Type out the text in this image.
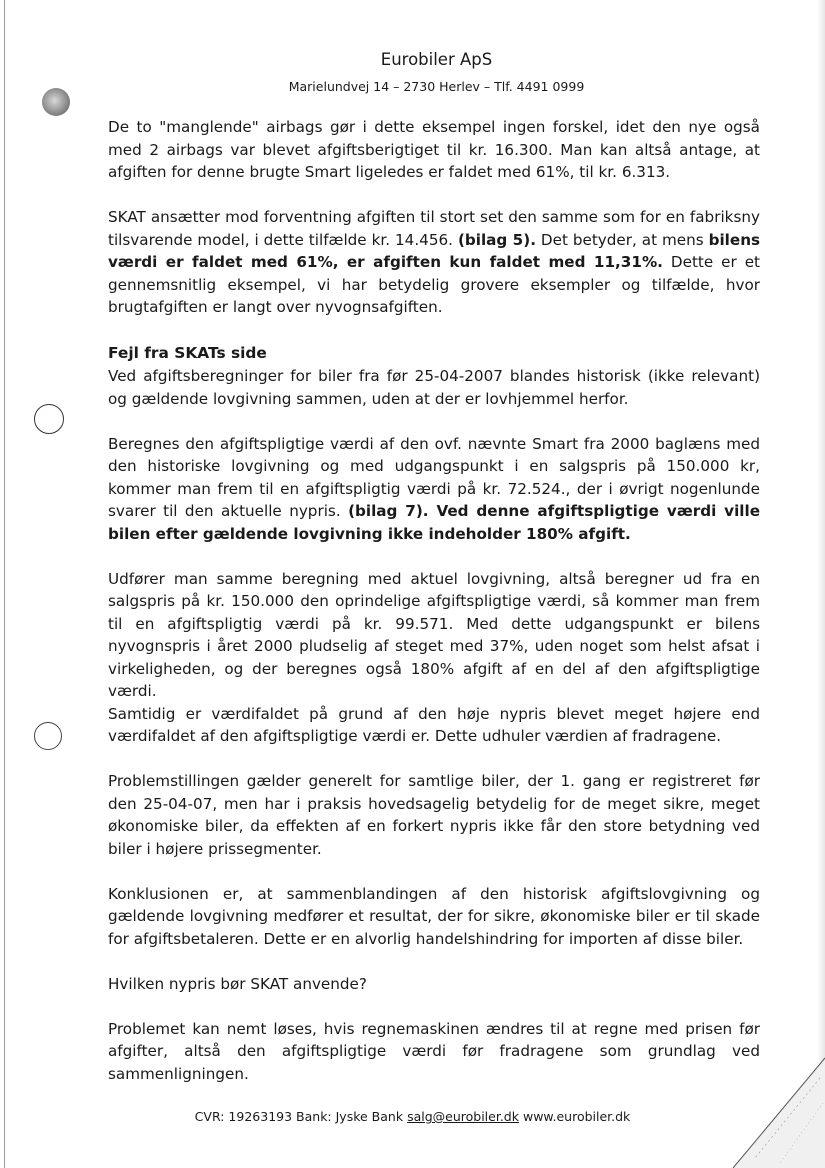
Eurobiler ApS
Marielundvej 14 – 2730 Herlev – Tlf. 4491 0999

De to "manglende" airbags gør i dette eksempel ingen forskel, idet den nye også med 2 airbags var blevet afgiftsberigtiget til kr. 16.300. Man kan altså antage, at afgiften for denne brugte Smart ligeledes er faldet med 61%, til kr. 6.313.

SKAT ansætter mod forventning afgiften til stort set den samme som for en fabriksny tilsvarende model, i dette tilfælde kr. 14.456. (bilag 5). Det betyder, at mens bilens værdi er faldet med 61%, er afgiften kun faldet med 11,31%. Dette er et gennemsnitlig eksempel, vi har betydelig grovere eksempler og tilfælde, hvor brugtafgiften er langt over nyvognsafgiften.

Fejl fra SKATs side

Ved afgiftsberegninger for biler fra før 25-04-2007 blandes historisk (ikke relevant) og gældende lovgivning sammen, uden at der er lovhjemmel herfor.

Beregnes den afgiftspligtige værdi af den ovf. nævnte Smart fra 2000 baglæns med den historiske lovgivning og med udgangspunkt i en salgspris på 150.000 kr, kommer man frem til en afgiftspligtig værdi på kr. 72.524., der i øvrigt nogenlunde svarer til den aktuelle nypris. (bilag 7). Ved denne afgiftspligtige værdi ville bilen efter gældende lovgivning ikke indeholder 180% afgift.

Udfører man samme beregning med aktuel lovgivning, altså beregner ud fra en salgspris på kr. 150.000 den oprindelige afgiftspligtige værdi, så kommer man frem til en afgiftspligtig værdi på kr. 99.571. Med dette udgangspunkt er bilens nyvognspris i året 2000 pludselig af steget med 37%, uden noget som helst afsat i virkeligheden, og der beregnes også 180% afgift af en del af den afgiftspligtige værdi.

Samtidig er værdifaldet på grund af den høje nypris blevet meget højere end værdifaldet af den afgiftspligtige værdi er. Dette udhuler værdien af fradragene.

Problemstillingen gælder generelt for samtlige biler, der 1. gang er registreret før den 25-04-07, men har i praksis hovedsagelig betydelig for de meget sikre, meget økonomiske biler, da effekten af en forkert nypris ikke får den store betydning ved biler i højere prissegmenter.

Konklusionen er, at sammenblandingen af den historisk afgiftslovgivning og gældende lovgivning medfører et resultat, der for sikre, økonomiske biler er til skade for afgiftsbetaleren. Dette er en alvorlig handelshindring for importen af disse biler.

Hvilken nypris bør SKAT anvende?

Problemet kan nemt løses, hvis regnemaskinen ændres til at regne med prisen før afgifter, altså den afgiftspligtige værdi før fradragene som grundlag ved sammenligningen.

CVR: 19263193 Bank: Jyske Bank salg@eurobiler.dk www.eurobiler.dk
